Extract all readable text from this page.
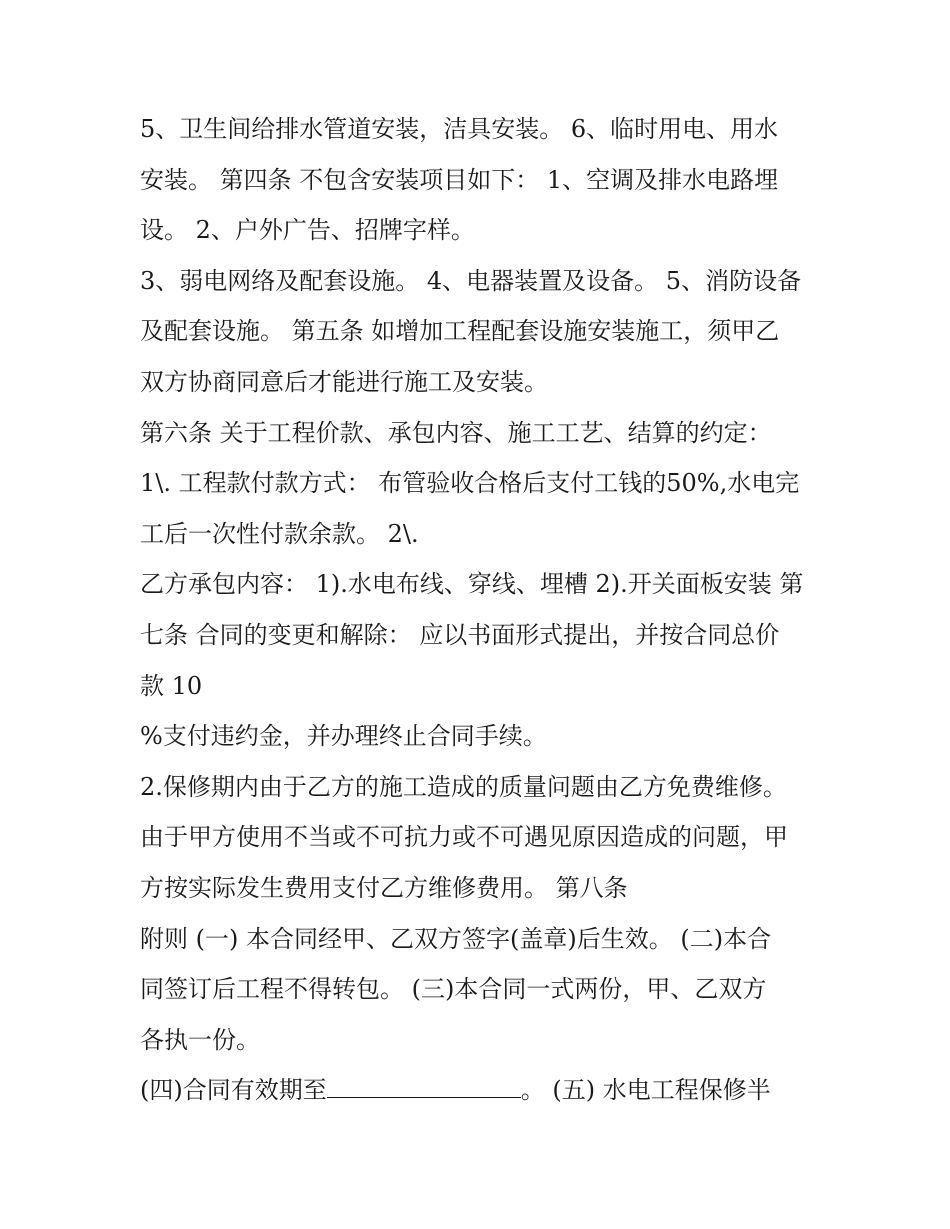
5、卫生间给排水管道安装，洁具安装。 6、临时用电、用水
安装。 第四条 不包含安装项目如下： 1、空调及排水电路埋
设。 2、户外广告、招牌字样。

3、弱电网络及配套设施。 4、电器装置及设备。 5、消防设备
及配套设施。 第五条 如增加工程配套设施安装施工，须甲乙
双方协商同意后才能进行施工及安装。

第六条 关于工程价款、承包内容、施工工艺、结算的约定：
1\. 工程款付款方式： 布管验收合格后支付工钱的50%,水电完
工后一次性付款余款。 2\.

乙方承包内容： 1).水电布线、穿线、埋槽 2).开关面板安装 第
七条 合同的变更和解除： 应以书面形式提出，并按合同总价
款 10

%支付违约金，并办理终止合同手续。

2.保修期内由于乙方的施工造成的质量问题由乙方免费维修。
由于甲方使用不当或不可抗力或不可遇见原因造成的问题，甲
方按实际发生费用支付乙方维修费用。 第八条

附则 (一) 本合同经甲、乙双方签字(盖章)后生效。 (二)本合
同签订后工程不得转包。 (三)本合同一式两份，甲、乙双方
各执一份。

(四)合同有效期至	。 (五) 水电工程保修半
